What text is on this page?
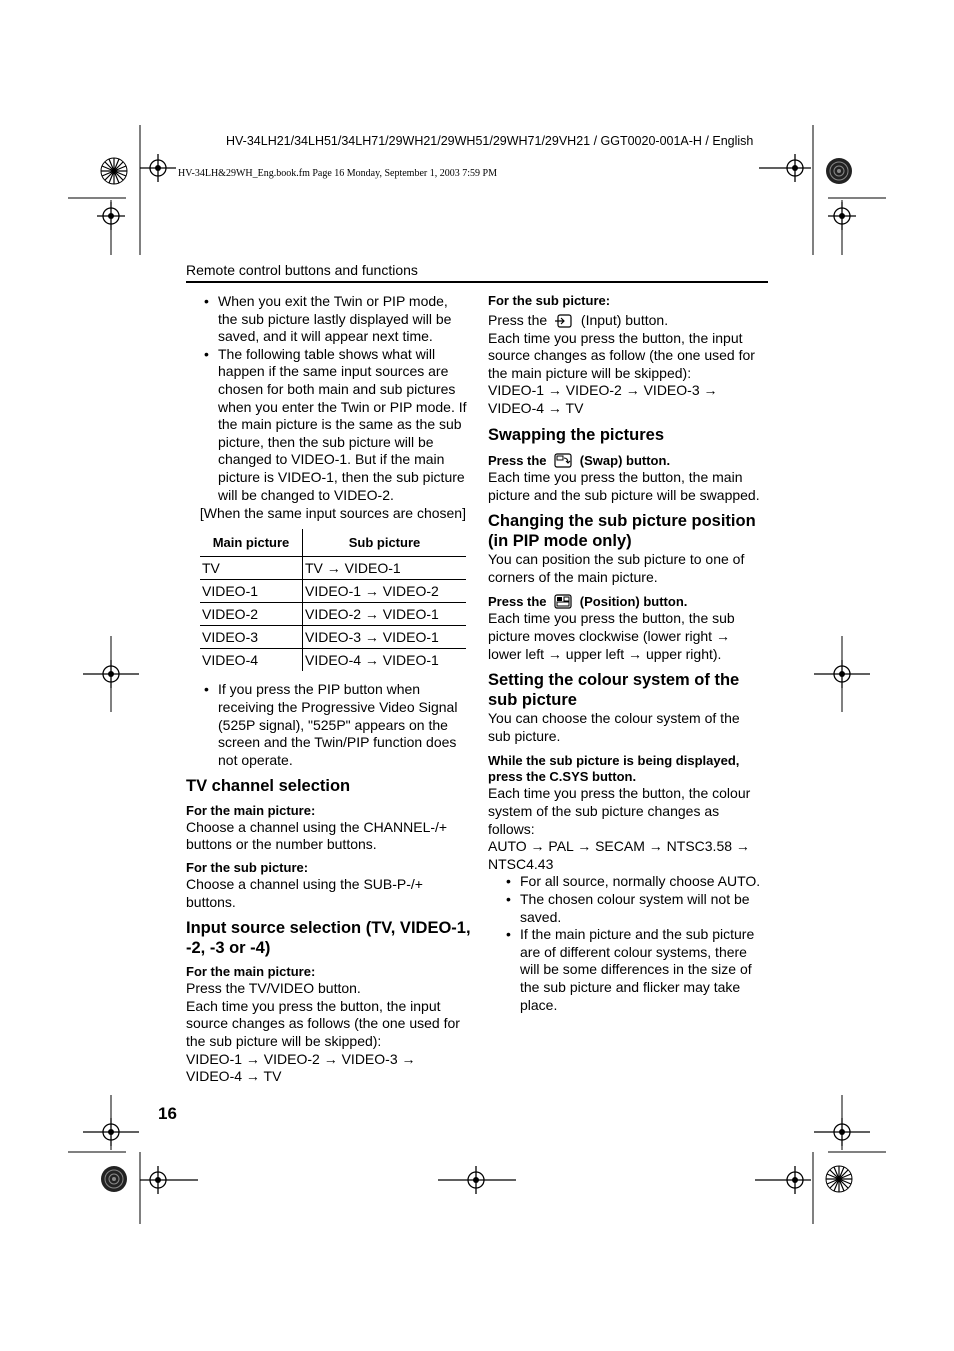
HV-34LH21/34LH51/34LH71/29WH21/29WH51/29WH71/29VH21 / GGT0020-001A-H / English
HV-34LH&29WH_Eng.book.fm Page 16 Monday, September 1, 2003 7:59 PM
Remote control buttons and functions
• When you exit the Twin or PIP mode, the sub picture lastly displayed will be saved, and it will appear next time.
• The following table shows what will happen if the same input sources are chosen for both main and sub pictures when you enter the Twin or PIP mode. If the main picture is the same as the sub picture, then the sub picture will be changed to VIDEO-1. But if the main picture is VIDEO-1, then the sub picture will be changed to VIDEO-2.
[When the same input sources are chosen]
Main picture	Sub picture
TV	TV → VIDEO-1
VIDEO-1	VIDEO-1 → VIDEO-2
VIDEO-2	VIDEO-2 → VIDEO-1
VIDEO-3	VIDEO-3 → VIDEO-1
VIDEO-4	VIDEO-4 → VIDEO-1
• If you press the PIP button when receiving the Progressive Video Signal (525P signal), "525P" appears on the screen and the Twin/PIP function does not operate.
TV channel selection
For the main picture:

Choose a channel using the CHANNEL-/+ buttons or the number buttons.

For the sub picture:

Choose a channel using the SUB-P-/+ buttons.

Input source selection (TV, VIDEO-1, -2, -3 or -4)
For the main picture:

Press the TV/VIDEO button.

Each time you press the button, the input source changes as follows (the one used for the sub picture will be skipped):

VIDEO-1 → VIDEO-2 → VIDEO-3 → VIDEO-4 → TV

For the sub picture:

Press the (Input) button.

Each time you press the button, the input source changes as follow (the one used for the main picture will be skipped):

VIDEO-1 → VIDEO-2 → VIDEO-3 → VIDEO-4 → TV

Swapping the pictures
Press the	(Swap) button.

Each time you press the button, the main picture and the sub picture will be swapped.

Changing the sub picture position (in PIP mode only)

You can position the sub picture to one of corners of the main picture.

Press the	(Position) button.

Each time you press the button, the sub picture moves clockwise (lower right → lower left → upper left → upper right).

Setting the colour system of the sub picture

You can choose the colour system of the sub picture.

While the sub picture is being displayed, press the C.SYS button.

Each time you press the button, the colour system of the sub picture changes as follows:

AUTO → PAL → SECAM → NTSC3.58 → NTSC4.43

• For all source, normally choose AUTO.
• The chosen colour system will not be saved.
• If the main picture and the sub picture are of different colour systems, there will be some differences in the size of the sub picture and flicker may take place.
16
